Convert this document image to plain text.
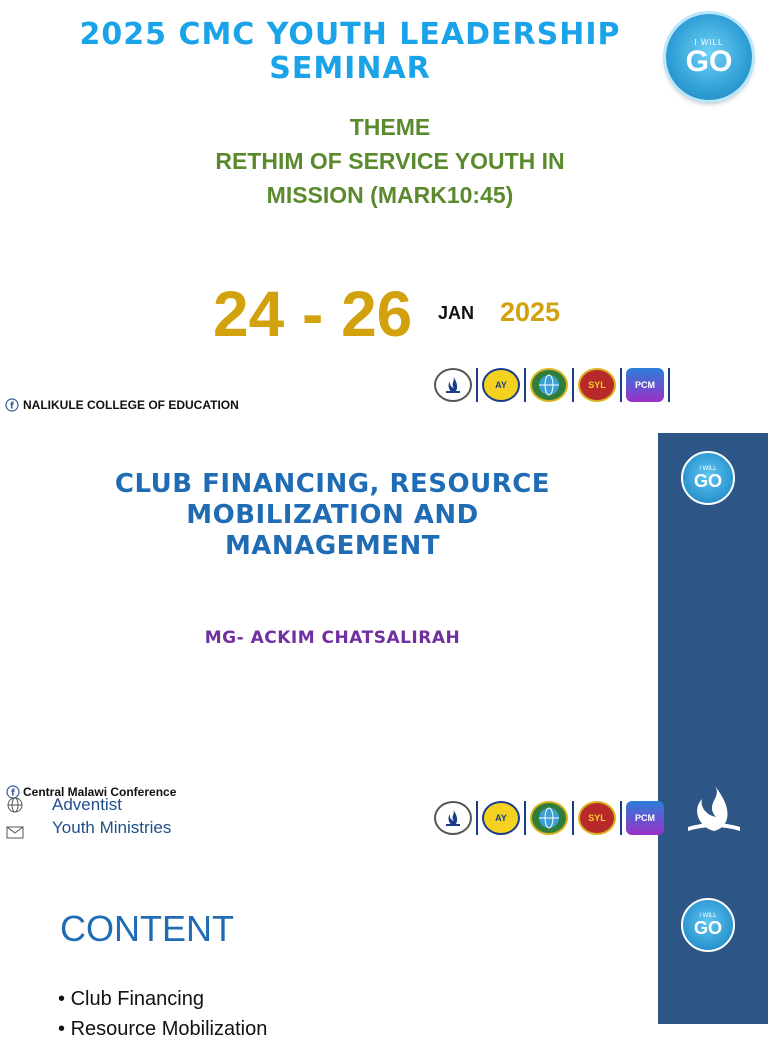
2025 CMC YOUTH LEADERSHIP
SEMINAR
I WILL
GO
THEME
RETHIM OF SERVICE YOUTH IN
MISSION (MARK10:45)
24 - 26 JAN 2025
AY	SYL	PCM
f NALIKULE COLLEGE OF EDUCATION
I WILL
GO
CLUB FINANCING, RESOURCE
MOBILIZATION AND
MANAGEMENT
MG- ACKIM CHATSALIRAH
f Central Malawi Conference
Adventist
Youth Ministries	AY	SYL	PCM
I WILL
GO
CONTENT
• Club Financing
• Resource Mobilization
